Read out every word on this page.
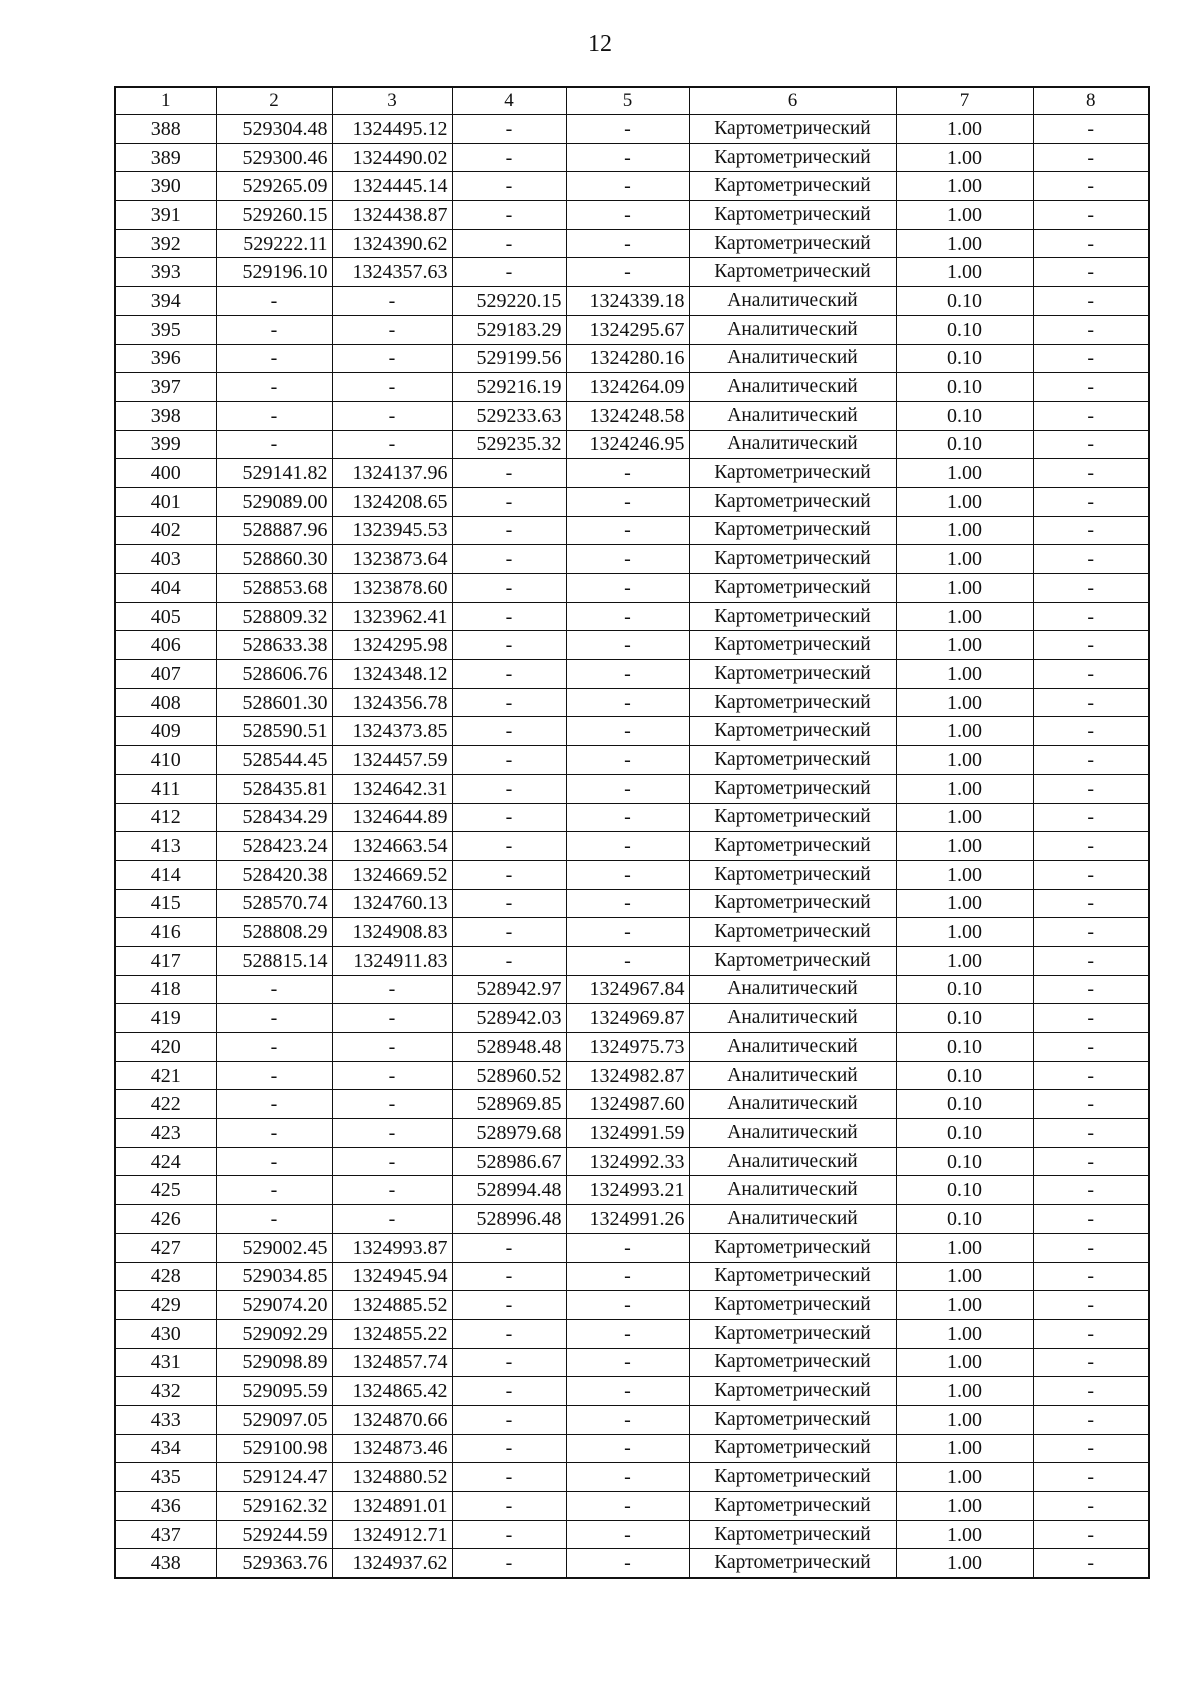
12
1	2	3	4	5	6	7	8
388	529304.48	1324495.12	-	-	Картометрический	1.00	-
389	529300.46	1324490.02	-	-	Картометрический	1.00	-
390	529265.09	1324445.14	-	-	Картометрический	1.00	-
391	529260.15	1324438.87	-	-	Картометрический	1.00	-
392	529222.11	1324390.62	-	-	Картометрический	1.00	-
393	529196.10	1324357.63	-	-	Картометрический	1.00	-
394	-	-	529220.15	1324339.18	Аналитический	0.10	-
395	-	-	529183.29	1324295.67	Аналитический	0.10	-
396	-	-	529199.56	1324280.16	Аналитический	0.10	-
397	-	-	529216.19	1324264.09	Аналитический	0.10	-
398	-	-	529233.63	1324248.58	Аналитический	0.10	-
399	-	-	529235.32	1324246.95	Аналитический	0.10	-
400	529141.82	1324137.96	-	-	Картометрический	1.00	-
401	529089.00	1324208.65	-	-	Картометрический	1.00	-
402	528887.96	1323945.53	-	-	Картометрический	1.00	-
403	528860.30	1323873.64	-	-	Картометрический	1.00	-
404	528853.68	1323878.60	-	-	Картометрический	1.00	-
405	528809.32	1323962.41	-	-	Картометрический	1.00	-
406	528633.38	1324295.98	-	-	Картометрический	1.00	-
407	528606.76	1324348.12	-	-	Картометрический	1.00	-
408	528601.30	1324356.78	-	-	Картометрический	1.00	-
409	528590.51	1324373.85	-	-	Картометрический	1.00	-
410	528544.45	1324457.59	-	-	Картометрический	1.00	-
411	528435.81	1324642.31	-	-	Картометрический	1.00	-
412	528434.29	1324644.89	-	-	Картометрический	1.00	-
413	528423.24	1324663.54	-	-	Картометрический	1.00	-
414	528420.38	1324669.52	-	-	Картометрический	1.00	-
415	528570.74	1324760.13	-	-	Картометрический	1.00	-
416	528808.29	1324908.83	-	-	Картометрический	1.00	-
417	528815.14	1324911.83	-	-	Картометрический	1.00	-
418	-	-	528942.97	1324967.84	Аналитический	0.10	-
419	-	-	528942.03	1324969.87	Аналитический	0.10	-
420	-	-	528948.48	1324975.73	Аналитический	0.10	-
421	-	-	528960.52	1324982.87	Аналитический	0.10	-
422	-	-	528969.85	1324987.60	Аналитический	0.10	-
423	-	-	528979.68	1324991.59	Аналитический	0.10	-
424	-	-	528986.67	1324992.33	Аналитический	0.10	-
425	-	-	528994.48	1324993.21	Аналитический	0.10	-
426	-	-	528996.48	1324991.26	Аналитический	0.10	-
427	529002.45	1324993.87	-	-	Картометрический	1.00	-
428	529034.85	1324945.94	-	-	Картометрический	1.00	-
429	529074.20	1324885.52	-	-	Картометрический	1.00	-
430	529092.29	1324855.22	-	-	Картометрический	1.00	-
431	529098.89	1324857.74	-	-	Картометрический	1.00	-
432	529095.59	1324865.42	-	-	Картометрический	1.00	-
433	529097.05	1324870.66	-	-	Картометрический	1.00	-
434	529100.98	1324873.46	-	-	Картометрический	1.00	-
435	529124.47	1324880.52	-	-	Картометрический	1.00	-
436	529162.32	1324891.01	-	-	Картометрический	1.00	-
437	529244.59	1324912.71	-	-	Картометрический	1.00	-
438	529363.76	1324937.62	-	-	Картометрический	1.00	-
